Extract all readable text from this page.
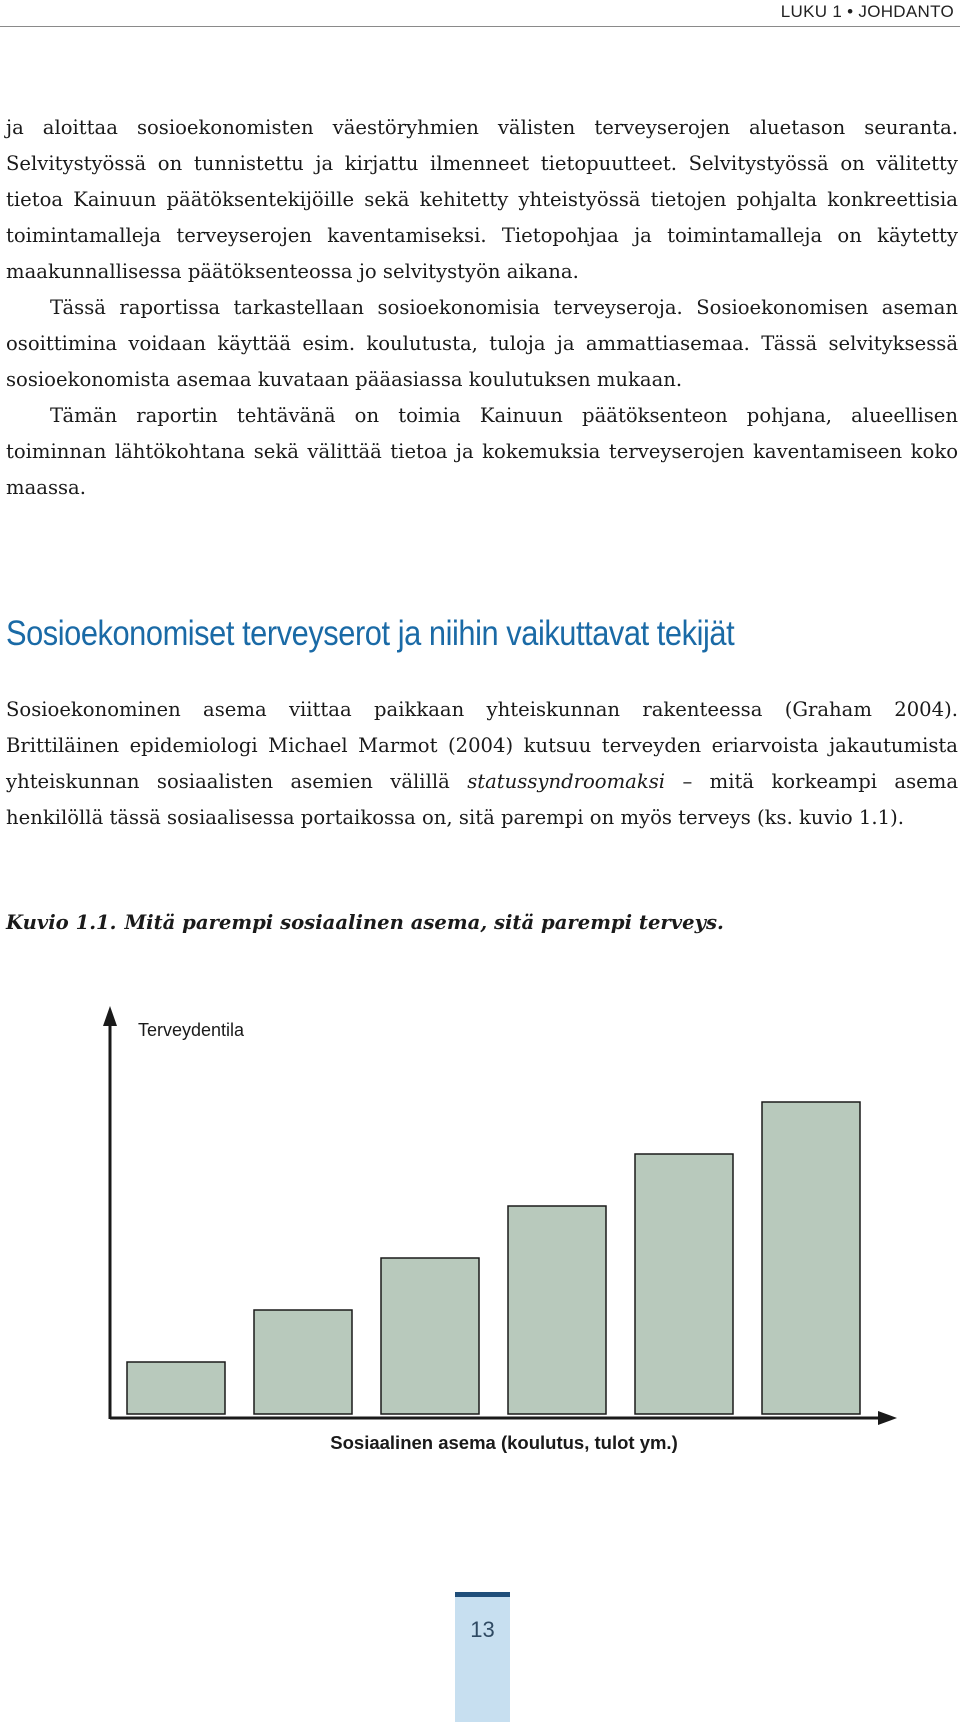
LUKU 1 • JOHDANTO

ja aloittaa sosioekonomisten väestöryhmien välisten terveyserojen aluetason seuranta. Selvitystyössä on tunnistettu ja kirjattu ilmenneet tietopuutteet. Selvitystyössä on välitetty tietoa Kainuun päätöksentekijöille sekä kehitetty yhteistyössä tietojen pohjalta konkreettisia toimintamalleja terveyserojen kaventamiseksi. Tietopohjaa ja toimintamalleja on käytetty maakunnallisessa päätöksenteossa jo selvitystyön aikana.

Tässä raportissa tarkastellaan sosioekonomisia terveyseroja. Sosioekonomisen aseman osoittimina voidaan käyttää esim. koulutusta, tuloja ja ammattiasemaa. Tässä selvityksessä sosioekonomista asemaa kuvataan pääasiassa koulutuksen mukaan.

Tämän raportin tehtävänä on toimia Kainuun päätöksenteon pohjana, alueellisen toiminnan lähtökohtana sekä välittää tietoa ja kokemuksia terveyserojen kaventamiseen koko maassa.

Sosioekonomiset terveyserot ja niihin vaikuttavat tekijät

Sosioekonominen asema viittaa paikkaan yhteiskunnan rakenteessa (Graham 2004). Brittiläinen epidemiologi Michael Marmot (2004) kutsuu terveyden eriarvoista jakautumista yhteiskunnan sosiaalisten asemien välillä statussyndroomaksi – mitä korkeampi asema henkilöllä tässä sosiaalisessa portaikossa on, sitä parempi on myös terveys (ks. kuvio 1.1).

Kuvio 1.1. Mitä parempi sosiaalinen asema, sitä parempi terveys.

Terveydentila
Sosiaalinen asema (koulutus, tulot ym.)
13
